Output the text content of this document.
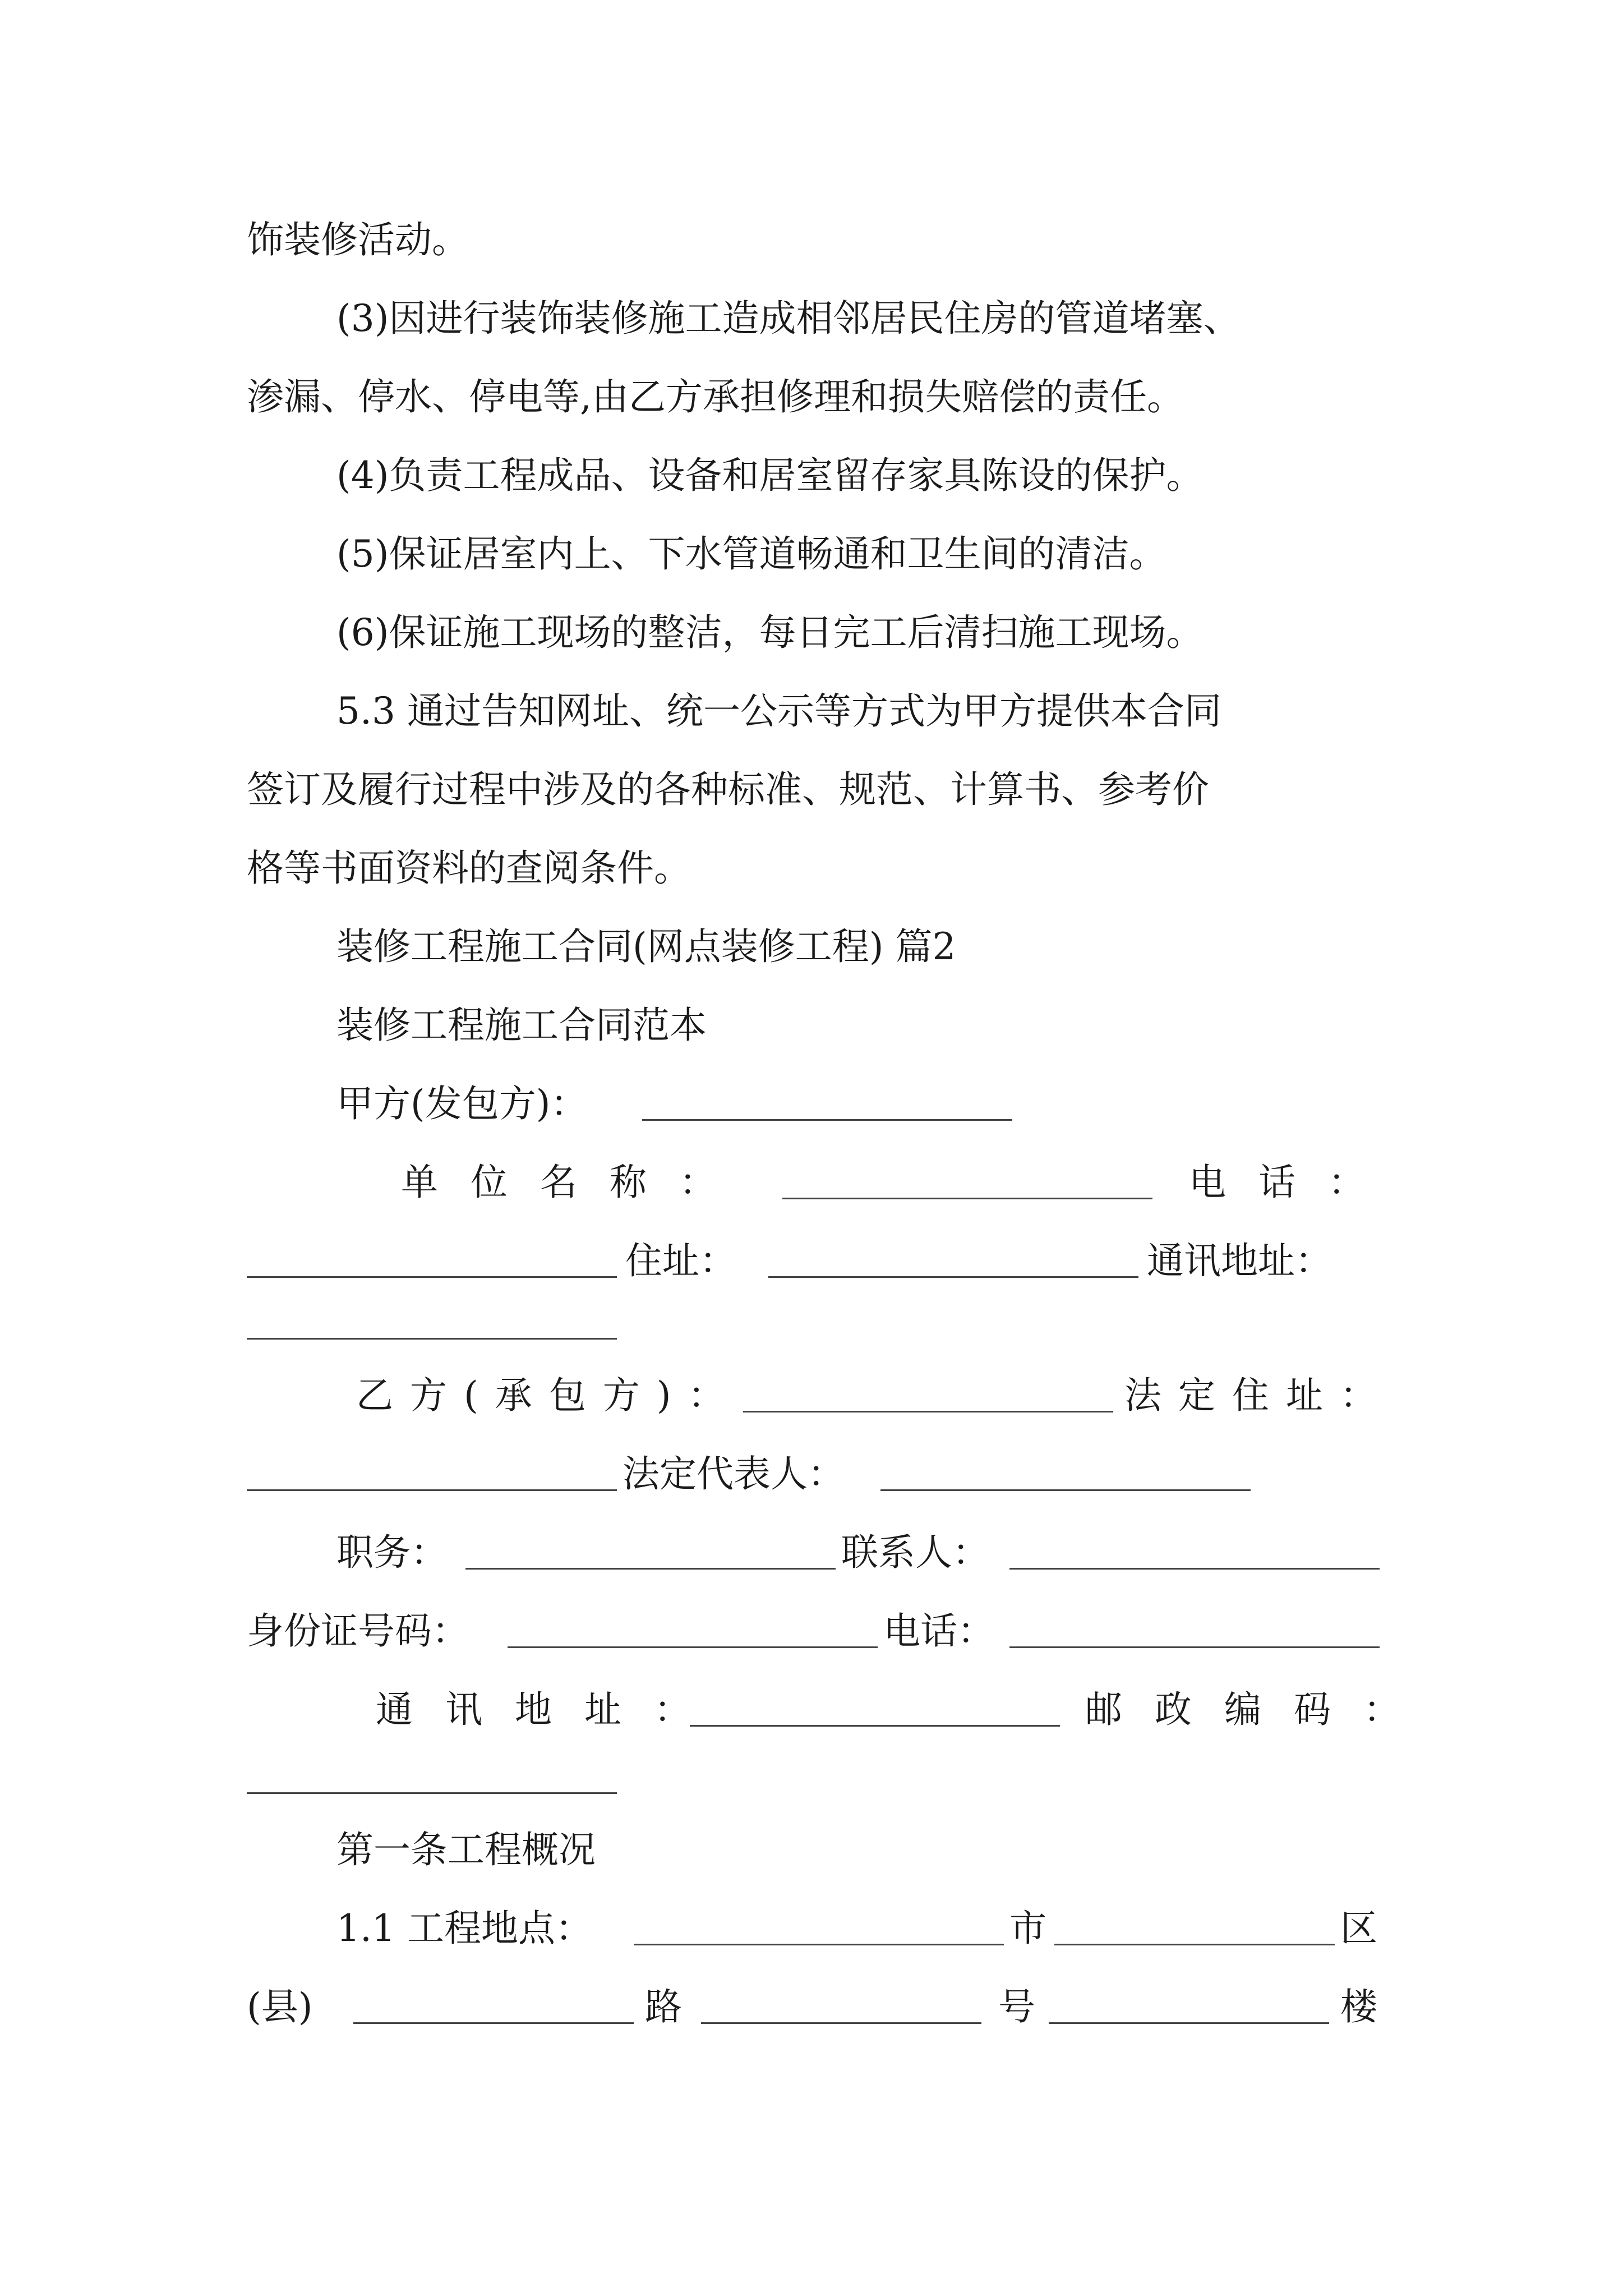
饰装修活动。
(3)因进行装饰装修施工造成相邻居民住房的管道堵塞、
渗漏、停水、停电等,由乙方承担修理和损失赔偿的责任。
(4)负责工程成品、设备和居室留存家具陈设的保护。
(5)保证居室内上、下水管道畅通和卫生间的清洁。
(6)保证施工现场的整洁，每日完工后清扫施工现场。
5.3 通过告知网址、统一公示等方式为甲方提供本合同
签订及履行过程中涉及的各种标准、规范、计算书、参考价
格等书面资料的查阅条件。
装修工程施工合同(网点装修工程) 篇2
装修工程施工合同范本
甲方(发包方)：
单位名称：	电话：
住址：	通讯地址：
乙方(承包方)：	法定住址：
法定代表人：
职务：	联系人：
身份证号码：	电话：
通讯地址：	邮政编码：
第一条工程概况
1.1 工程地点：	市	区
(县)	路	号	楼
